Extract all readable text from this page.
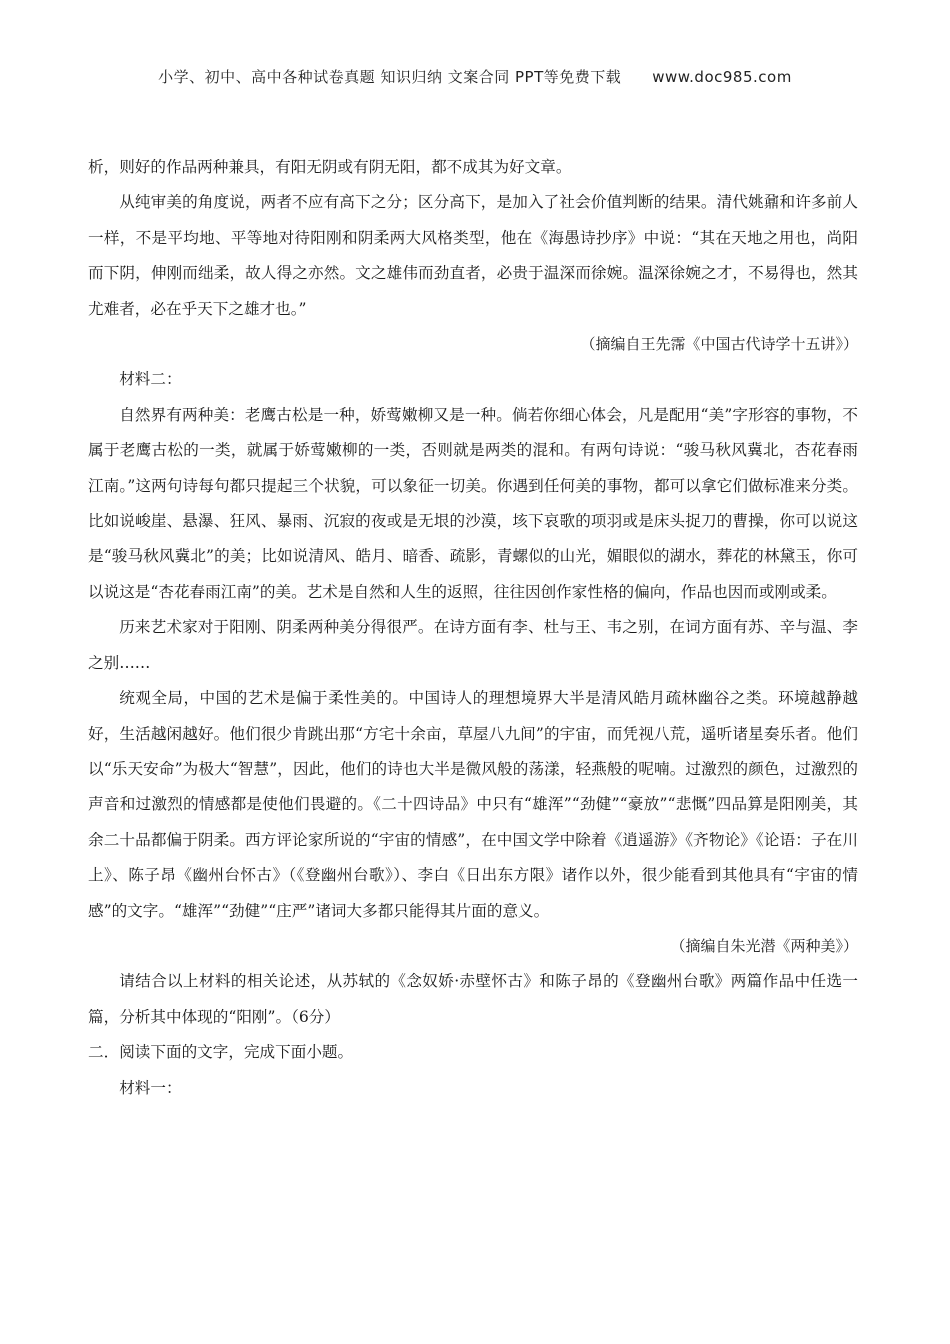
小学、初中、高中各种试卷真题 知识归纳 文案合同 PPT等免费下载　　www.doc985.com

析，则好的作品两种兼具，有阳无阴或有阴无阳，都不成其为好文章。

从纯审美的角度说，两者不应有高下之分；区分高下，是加入了社会价值判断的结果。清代姚鼐和许多前人一样，不是平均地、平等地对待阳刚和阴柔两大风格类型，他在《海愚诗抄序》中说：“其在天地之用也，尚阳而下阴，伸刚而绌柔，故人得之亦然。文之雄伟而劲直者，必贵于温深而徐婉。温深徐婉之才，不易得也，然其尤难者，必在乎天下之雄才也。”

（摘编自王先霈《中国古代诗学十五讲》）

材料二：

自然界有两种美：老鹰古松是一种，娇莺嫩柳又是一种。倘若你细心体会，凡是配用“美”字形容的事物，不属于老鹰古松的一类，就属于娇莺嫩柳的一类，否则就是两类的混和。有两句诗说：“骏马秋风冀北，杏花春雨江南。”这两句诗每句都只提起三个状貌，可以象征一切美。你遇到任何美的事物，都可以拿它们做标准来分类。比如说峻崖、悬瀑、狂风、暴雨、沉寂的夜或是无垠的沙漠，垓下哀歌的项羽或是床头捉刀的曹操，你可以说这是“骏马秋风冀北”的美；比如说清风、皓月、暗香、疏影，青螺似的山光，媚眼似的湖水，葬花的林黛玉，你可以说这是“杏花春雨江南”的美。艺术是自然和人生的返照，往往因创作家性格的偏向，作品也因而或刚或柔。

历来艺术家对于阳刚、阴柔两种美分得很严。在诗方面有李、杜与王、韦之别，在词方面有苏、辛与温、李之别……

统观全局，中国的艺术是偏于柔性美的。中国诗人的理想境界大半是清风皓月疏林幽谷之类。环境越静越好，生活越闲越好。他们很少肯跳出那“方宅十余亩，草屋八九间”的宇宙，而凭视八荒，遥听诸星奏乐者。他们以“乐天安命”为极大“智慧”，因此，他们的诗也大半是微风般的荡漾，轻燕般的呢喃。过激烈的颜色，过激烈的声音和过激烈的情感都是使他们畏避的。《二十四诗品》中只有“雄浑”“劲健”“豪放”“悲慨”四品算是阳刚美，其余二十品都偏于阴柔。西方评论家所说的“宇宙的情感”，在中国文学中除着《逍遥游》《齐物论》《论语：子在川上》、陈子昂《幽州台怀古》（《登幽州台歌》）、李白《日出东方限》诸作以外，很少能看到其他具有“宇宙的情感”的文字。“雄浑”“劲健”“庄严”诸词大多都只能得其片面的意义。

（摘编自朱光潜《两种美》）

请结合以上材料的相关论述，从苏轼的《念奴娇·赤壁怀古》和陈子昂的《登幽州台歌》两篇作品中任选一篇，分析其中体现的“阳刚”。（6分）

二．阅读下面的文字，完成下面小题。

材料一：
